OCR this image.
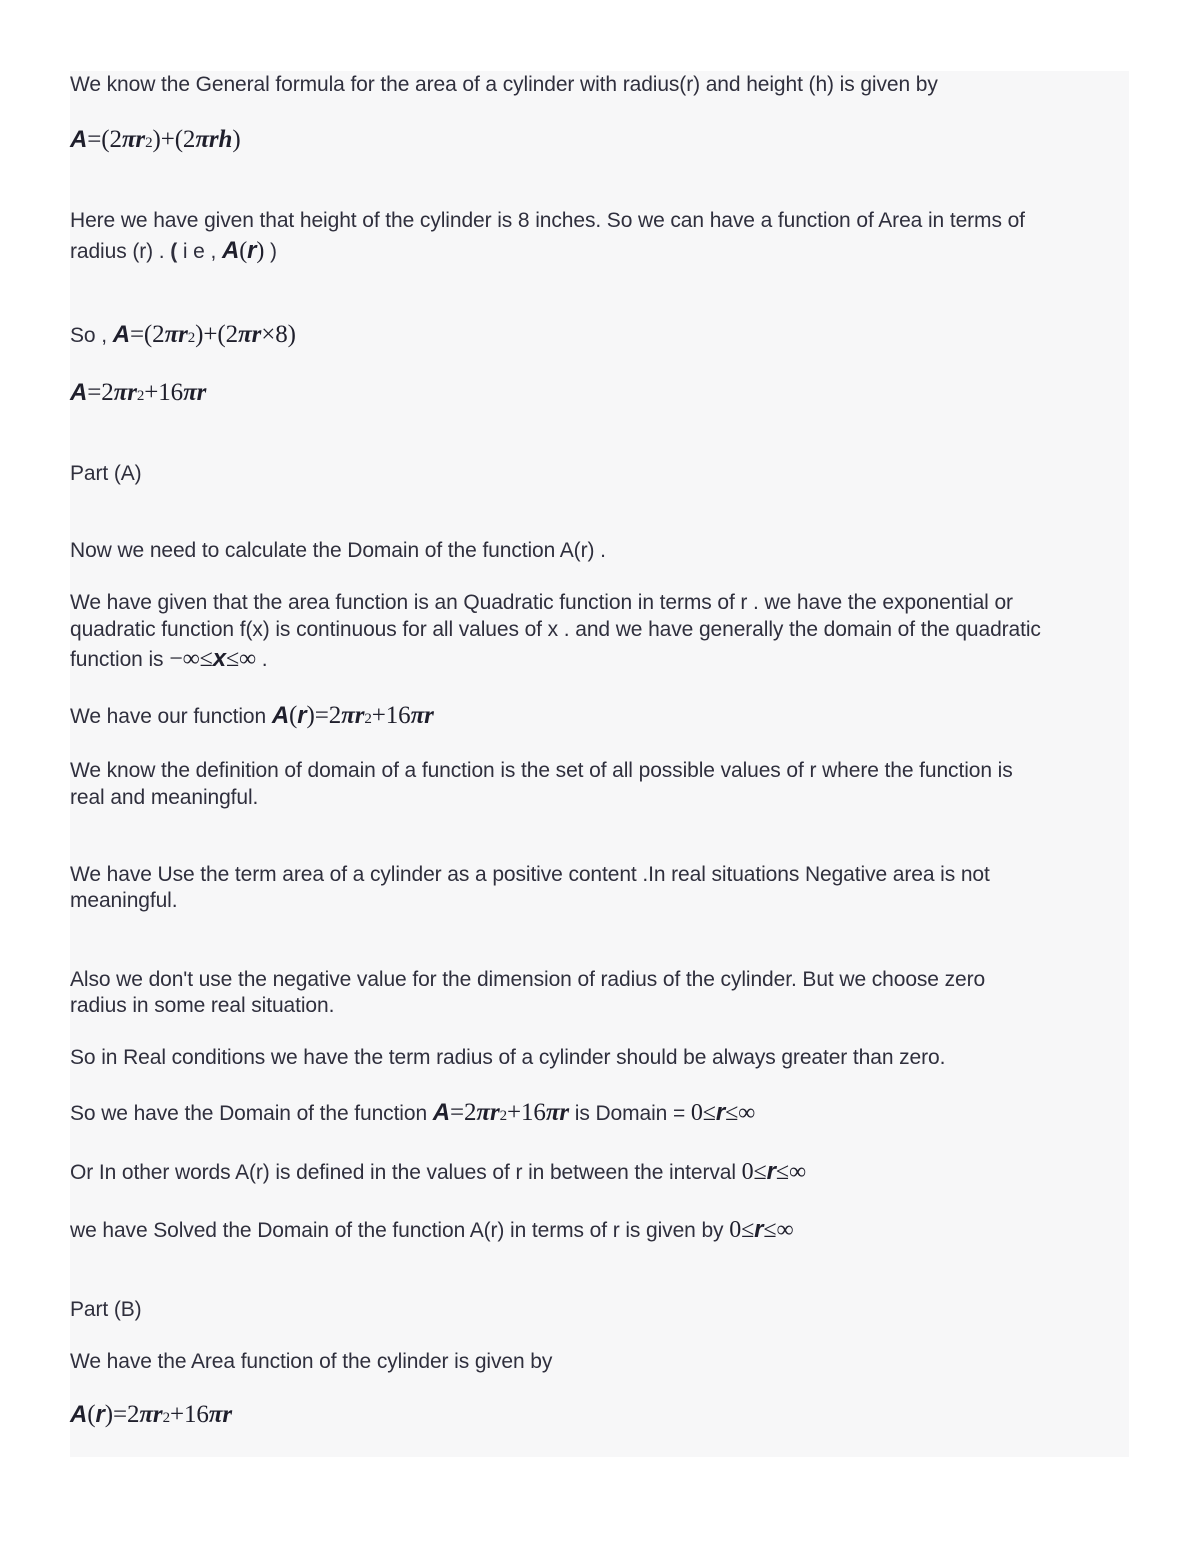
We know the General formula for the area of a cylinder with radius(r) and height (h) is given by
A=(2πr2)+(2πrh)
Here we have given that height of the cylinder is 8 inches. So we can have a function of Area in terms of
radius (r) . ( i e , A(r) )
So , A=(2πr2)+(2πr×8)
A=2πr2+16πr
Part (A)
Now we need to calculate the Domain of the function A(r) .
We have given that the area function is an Quadratic function in terms of r . we have the exponential or
quadratic function f(x) is continuous for all values of x . and we have generally the domain of the quadratic
function is −∞≤x≤∞ .
We have our function A(r)=2πr2+16πr
We know the definition of domain of a function is the set of all possible values of r where the function is
real and meaningful.
We have Use the term area of a cylinder as a positive content .In real situations Negative area is not
meaningful.
Also we don't use the negative value for the dimension of radius of the cylinder. But we choose zero
radius in some real situation.
So in Real conditions we have the term radius of a cylinder should be always greater than zero.
So we have the Domain of the function A=2πr2+16πr is Domain = 0≤r≤∞
Or In other words A(r) is defined in the values of r in between the interval 0≤r≤∞
we have Solved the Domain of the function A(r) in terms of r is given by 0≤r≤∞
Part (B)
We have the Area function of the cylinder is given by
A(r)=2πr2+16πr
